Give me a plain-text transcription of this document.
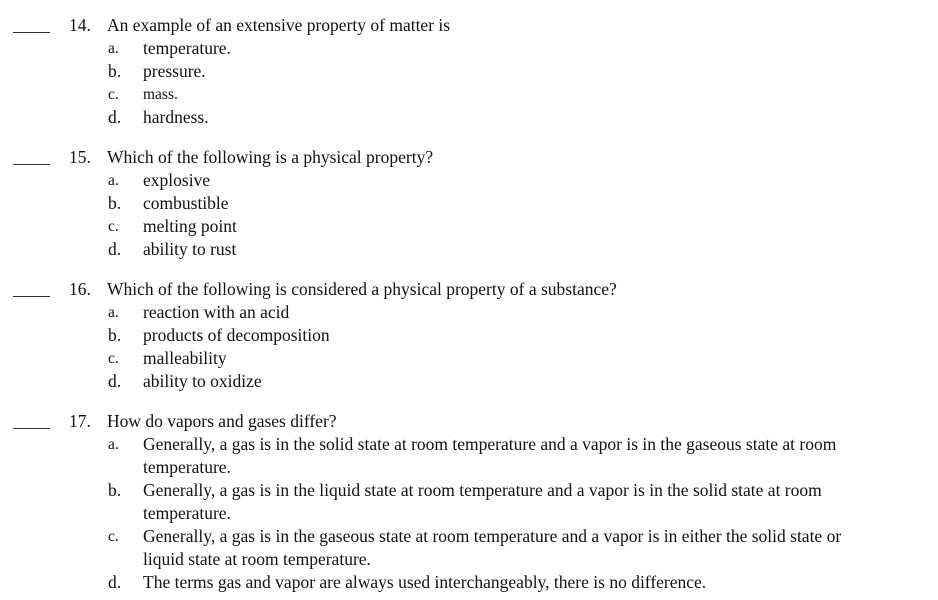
14. An example of an extensive property of matter is
a.	temperature.
b.	pressure.
c.	mass.
d.	hardness.
15. Which of the following is a physical property?
a.	explosive
b.	combustible
c.	melting point
d.	ability to rust
16. Which of the following is considered a physical property of a substance?
a.	reaction with an acid
b.	products of decomposition
c.	malleability
d.	ability to oxidize
17. How do vapors and gases differ?
a.	Generally, a gas is in the solid state at room temperature and a vapor is in the gaseous state at room temperature.
b.	Generally, a gas is in the liquid state at room temperature and a vapor is in the solid state at room temperature.
c.	Generally, a gas is in the gaseous state at room temperature and a vapor is in either the solid state or liquid state at room temperature.
d.	The terms gas and vapor are always used interchangeably, there is no difference.
